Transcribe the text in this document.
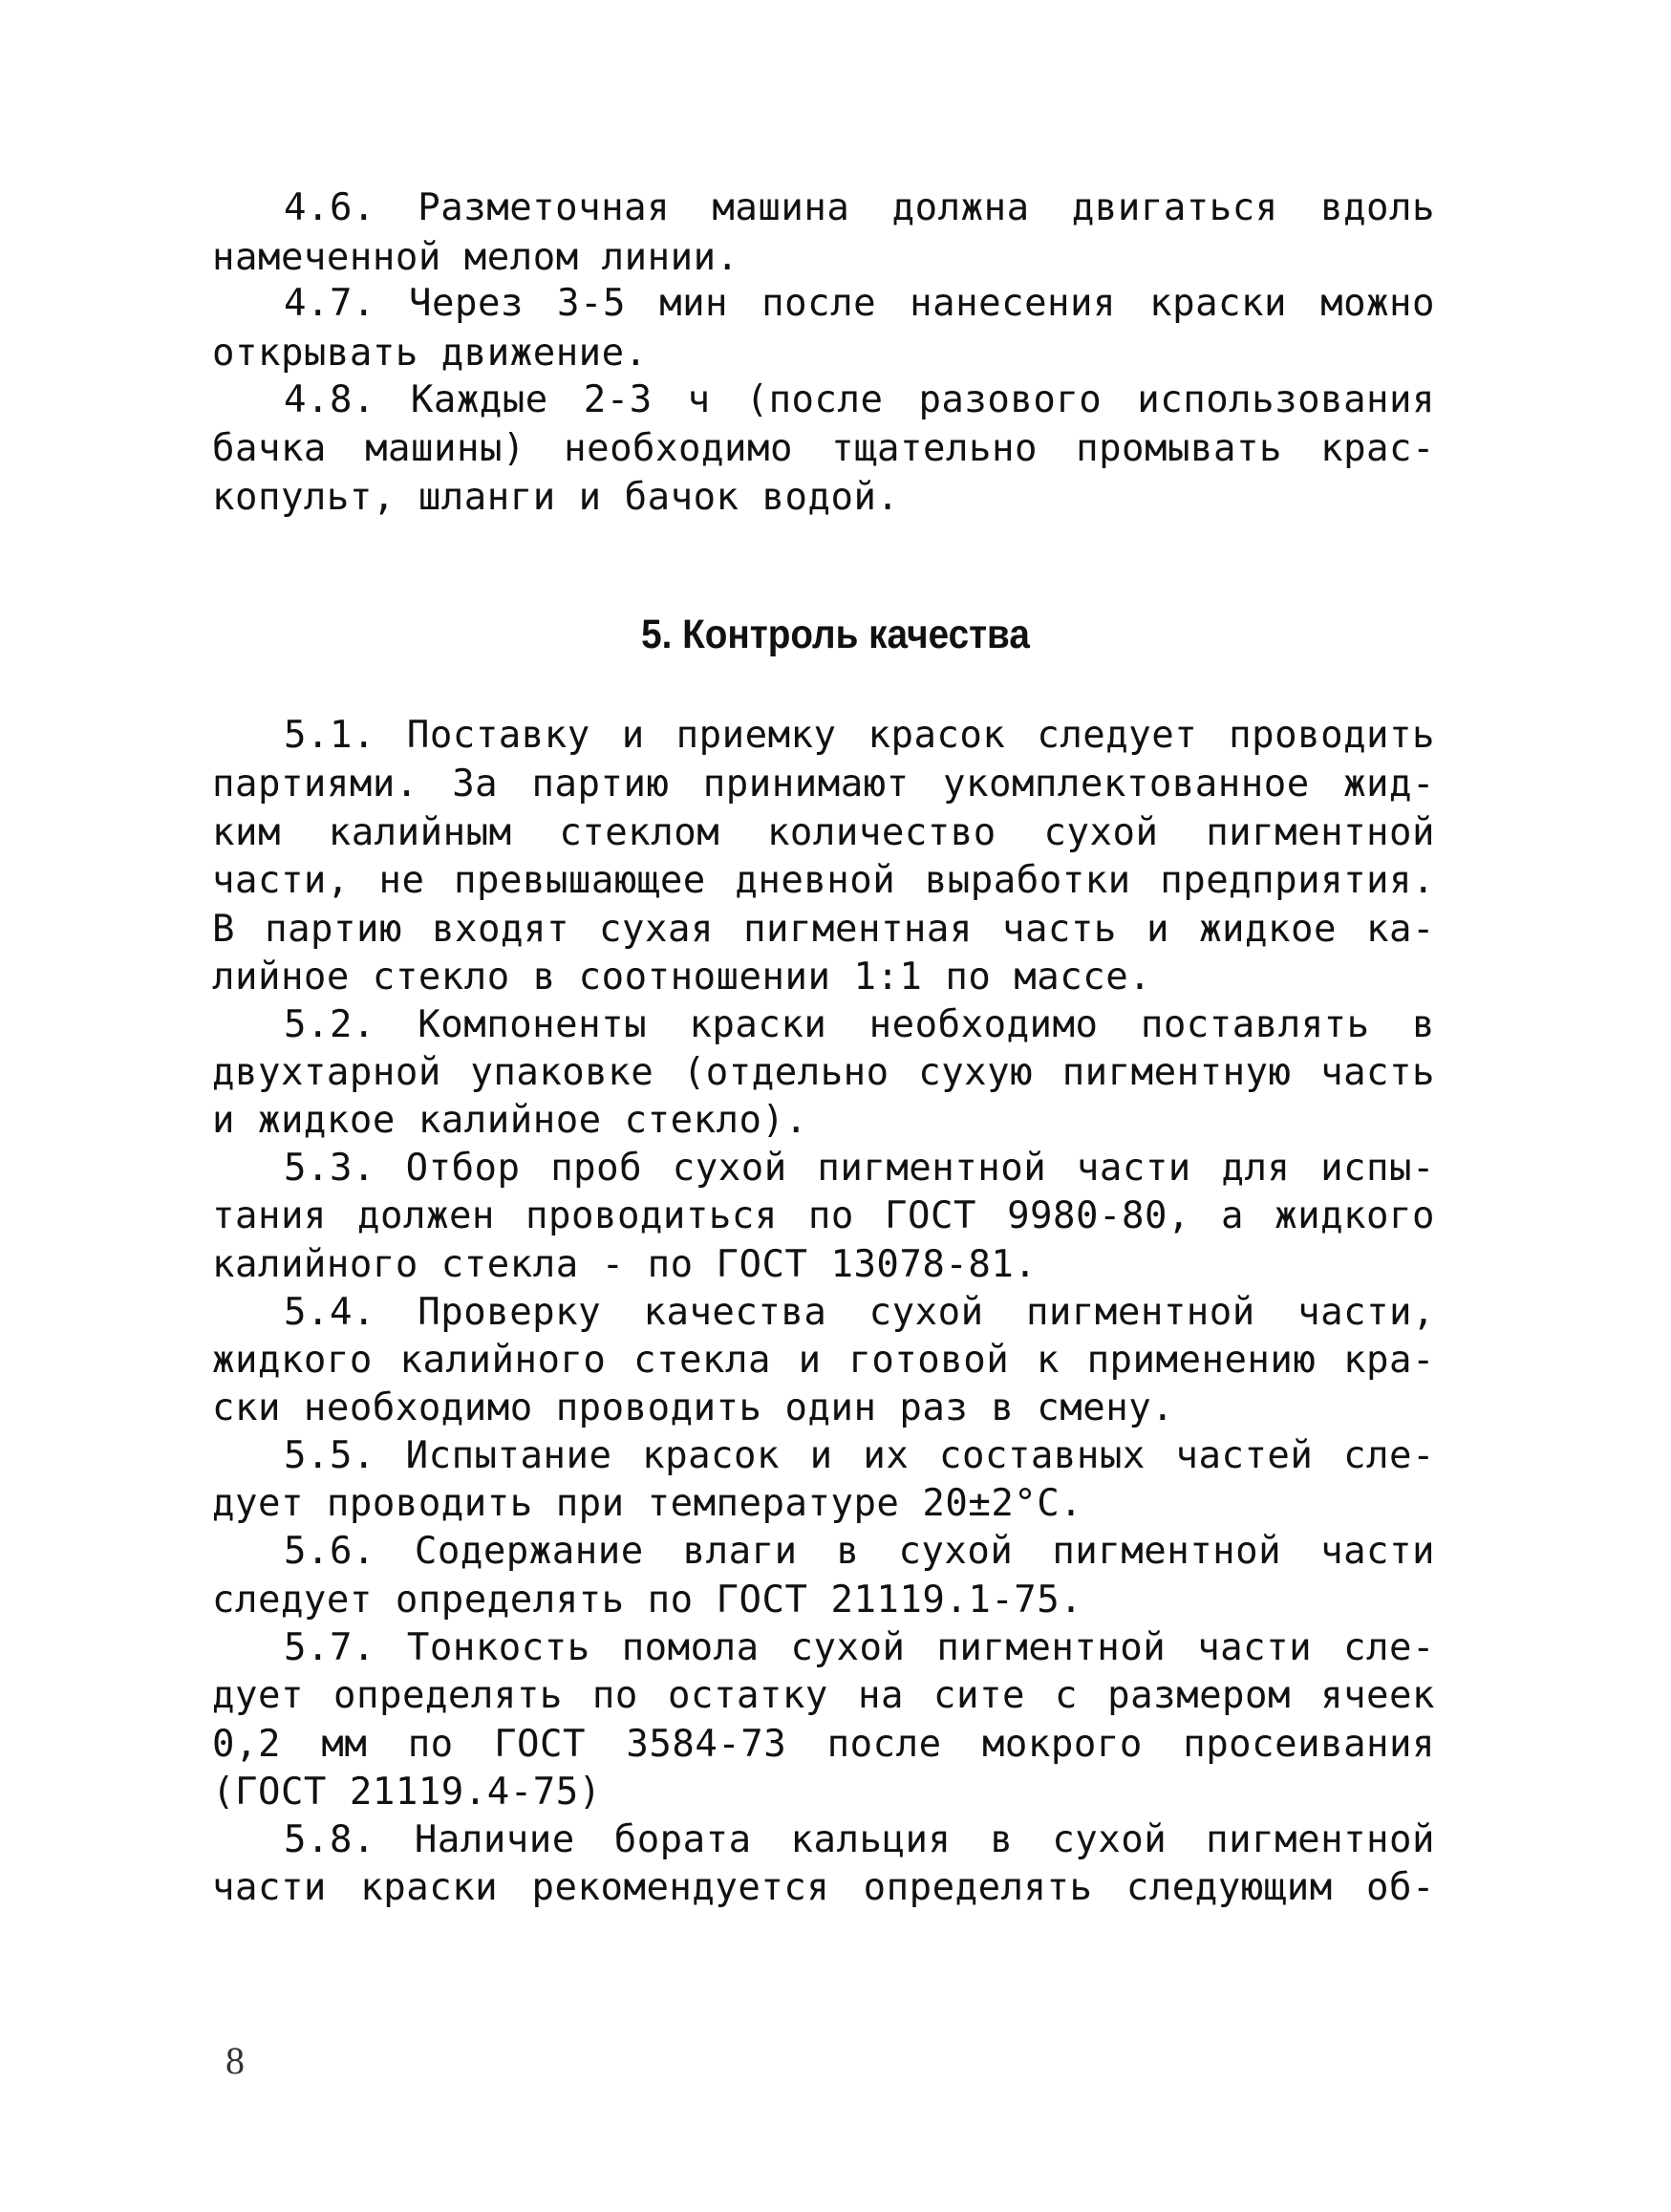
4.6. Разметочная машина должна двигаться вдоль
намеченной мелом линии.
4.7. Через 3-5 мин после нанесения краски можно
открывать движение.
4.8. Каждые 2-3 ч (после разового использования
бачка машины) необходимо тщательно промывать крас-
копульт, шланги и бачок водой.
5. Контроль качества
5.1. Поставку и приемку красок следует проводить
партиями. За партию принимают укомплектованное жид-
ким калийным стеклом количество сухой пигментной
части, не превышающее дневной выработки предприятия.
В партию входят сухая пигментная часть и жидкое ка-
лийное стекло в соотношении 1:1 по массе.
5.2. Компоненты краски необходимо поставлять в
двухтарной упаковке (отдельно сухую пигментную часть
и жидкое калийное стекло).
5.3. Отбор проб сухой пигментной части для испы-
тания должен проводиться по ГОСТ 9980-80, а жидкого
калийного стекла - по ГОСТ 13078-81.
5.4. Проверку качества сухой пигментной части,
жидкого калийного стекла и готовой к применению кра-
ски необходимо проводить один раз в смену.
5.5. Испытание красок и их составных частей сле-
дует проводить при температуре 20±2°С.
5.6. Содержание влаги в сухой пигментной части
следует определять по ГОСТ 21119.1-75.
5.7. Тонкость помола сухой пигментной части сле-
дует определять по остатку на сите с размером ячеек
0,2 мм по ГОСТ 3584-73 после мокрого просеивания
(ГОСТ 21119.4-75)
5.8. Наличие бората кальция в сухой пигментной
части краски рекомендуется определять следующим об-
8
